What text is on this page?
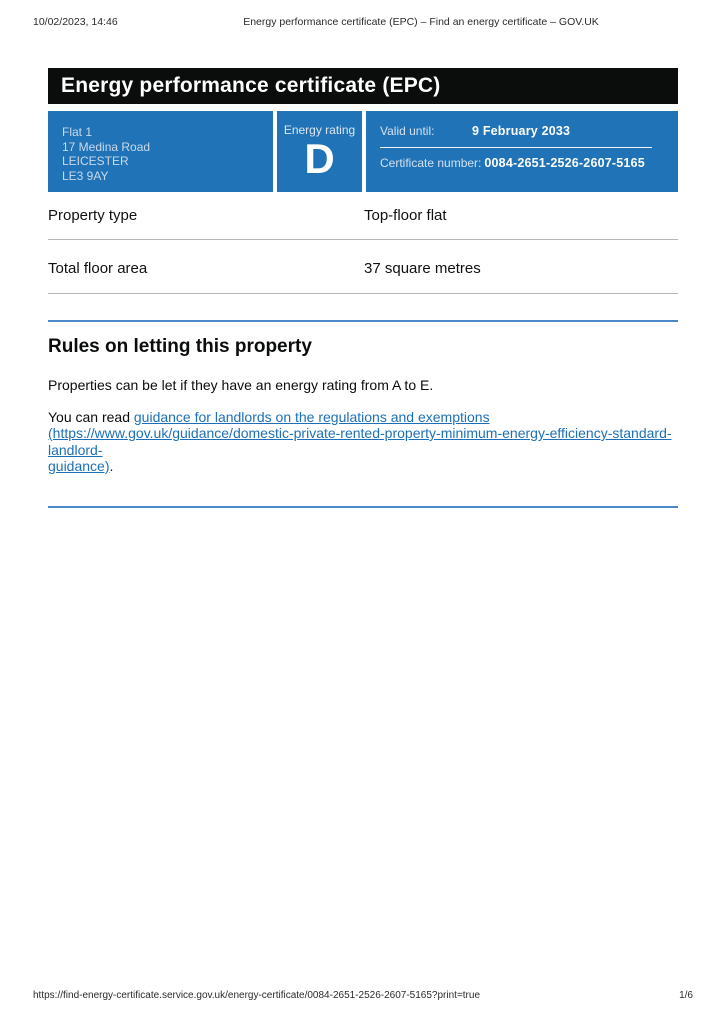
10/02/2023, 14:46	Energy performance certificate (EPC) – Find an energy certificate – GOV.UK
Energy performance certificate (EPC)
Flat 1
17 Medina Road
LEICESTER
LE3 9AY
Energy rating
D
Valid until:	9 February 2033
Certificate number: 0084-2651-2526-2607-5165
Property type	Top-floor flat
Total floor area	37 square metres
Rules on letting this property

Properties can be let if they have an energy rating from A to E.

You can read guidance for landlords on the regulations and exemptions
(https://www.gov.uk/guidance/domestic-private-rented-property-minimum-energy-efficiency-standard-landlord-
guidance).

https://find-energy-certificate.service.gov.uk/energy-certificate/0084-2651-2526-2607-5165?print=true	1/6
